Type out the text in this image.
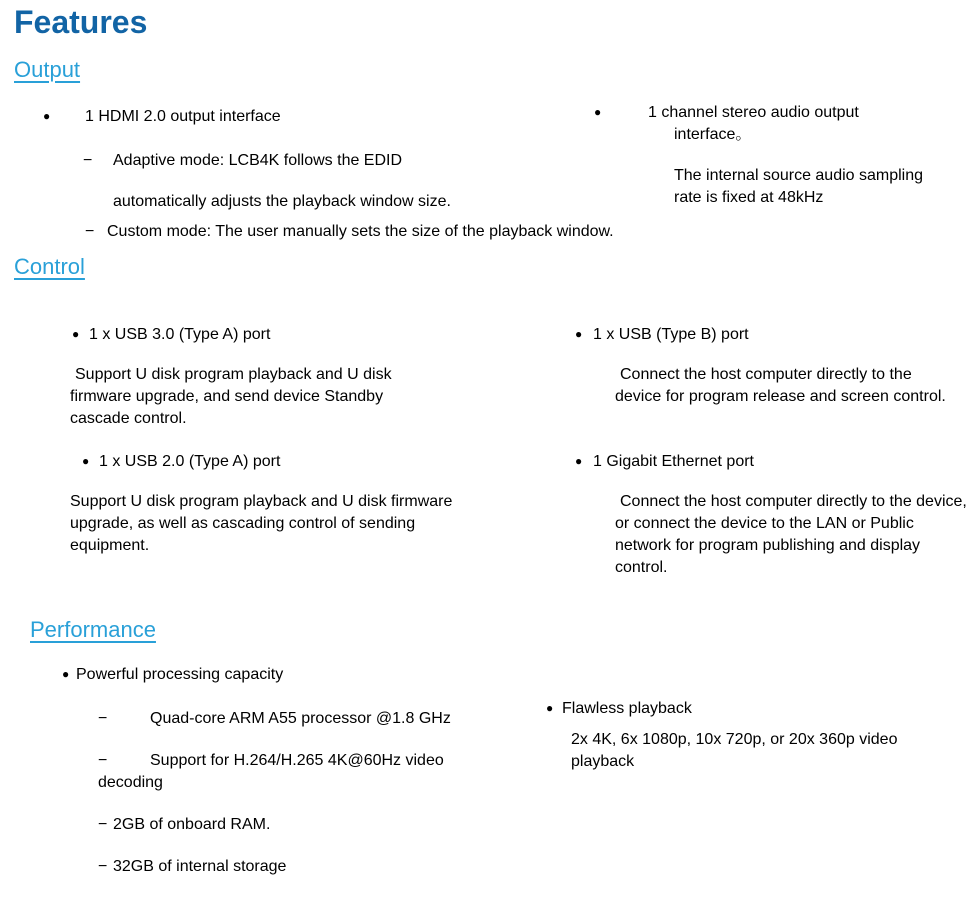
Features
Output
● 1 HDMI 2.0 output interface
− Adaptive mode: LCB4K follows the EDID
automatically adjusts the playback window size.
− Custom mode: The user manually sets the size of the playback window.
●	1 channel stereo audio output interface。
The internal source audio sampling rate is fixed at 48kHz
Control
● 1 x USB 3.0 (Type A) port
Support U disk program playback and U disk firmware upgrade, and send device Standby cascade control.
● 1 x USB 2.0 (Type A) port
Support U disk program playback and U disk firmware upgrade, as well as cascading control of sending equipment.
● 1 x USB (Type B) port
Connect the host computer directly to the device for program release and screen control.
● 1 Gigabit Ethernet port
Connect the host computer directly to the device, or connect the device to the LAN or Public network for program publishing and display control.
Performance
● Powerful processing capacity
−	Quad-core ARM A55 processor @1.8 GHz
−	Support for H.264/H.265 4K@60Hz video decoding
− 2GB of onboard RAM.
− 32GB of internal storage
● Flawless playback
2x 4K, 6x 1080p, 10x 720p, or 20x 360p video playback
